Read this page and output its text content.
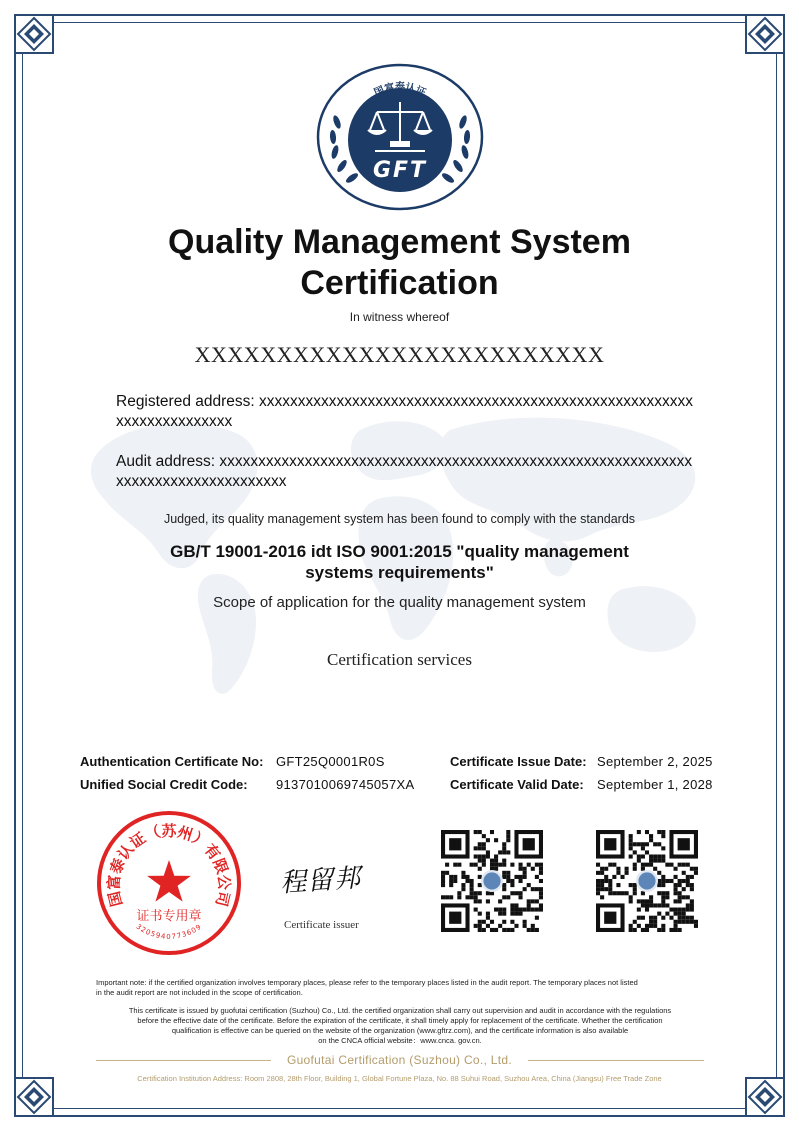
国富泰认证
GFT
Quality Management System
Certification
In witness whereof
XXXXXXXXXXXXXXXXXXXXXXXXX
Registered address: xxxxxxxxxxxxxxxxxxxxxxxxxxxxxxxxxxxxxxxxxxxxxxxxxxxxxxxxxxxxxxxxxxxxxxx
Audit address: xxxxxxxxxxxxxxxxxxxxxxxxxxxxxxxxxxxxxxxxxxxxxxxxxxxxxxxxxxxxxxxxxxxxxxxxxxxxxxxxxxx
Judged, its quality management system has been found to comply with the standards
GB/T 19001-2016 idt ISO 9001:2015 "quality management
systems requirements"
Scope of application for the quality management system
Certification services
Authentication Certificate No: GFT25Q0001R0S
Unified Social Credit Code: 9137010069745057XA
Certificate Issue Date: September 2, 2025
Certificate Valid Date: September 1, 2028
国富泰认证（苏州）有限公司
证书专用章
3205940773609
程留邦
Certificate issuer
Important note: if the certified organization involves temporary places, please refer to the temporary places listed in the audit report. The temporary places not listed
in the audit report are not included in the scope of certification.
This certificate is issued by guofutai certification (Suzhou) Co., Ltd. the certified organization shall carry out supervision and audit in accordance with the regulations
before the effective date of the certificate. Before the expiration of the certificate, it shall timely apply for replacement of the certificate. Whether the certification
qualification is effective can be queried on the website of the organization (www.gftrz.com), and the certificate information is also available
on the CNCA official website：www.cnca. gov.cn.
Guofutai Certification (Suzhou) Co., Ltd.
Certification Institution Address: Room 2808, 28th Floor, Building 1, Global Fortune Plaza, No. 88 Suhui Road, Suzhou Area, China (Jiangsu) Free Trade Zone
